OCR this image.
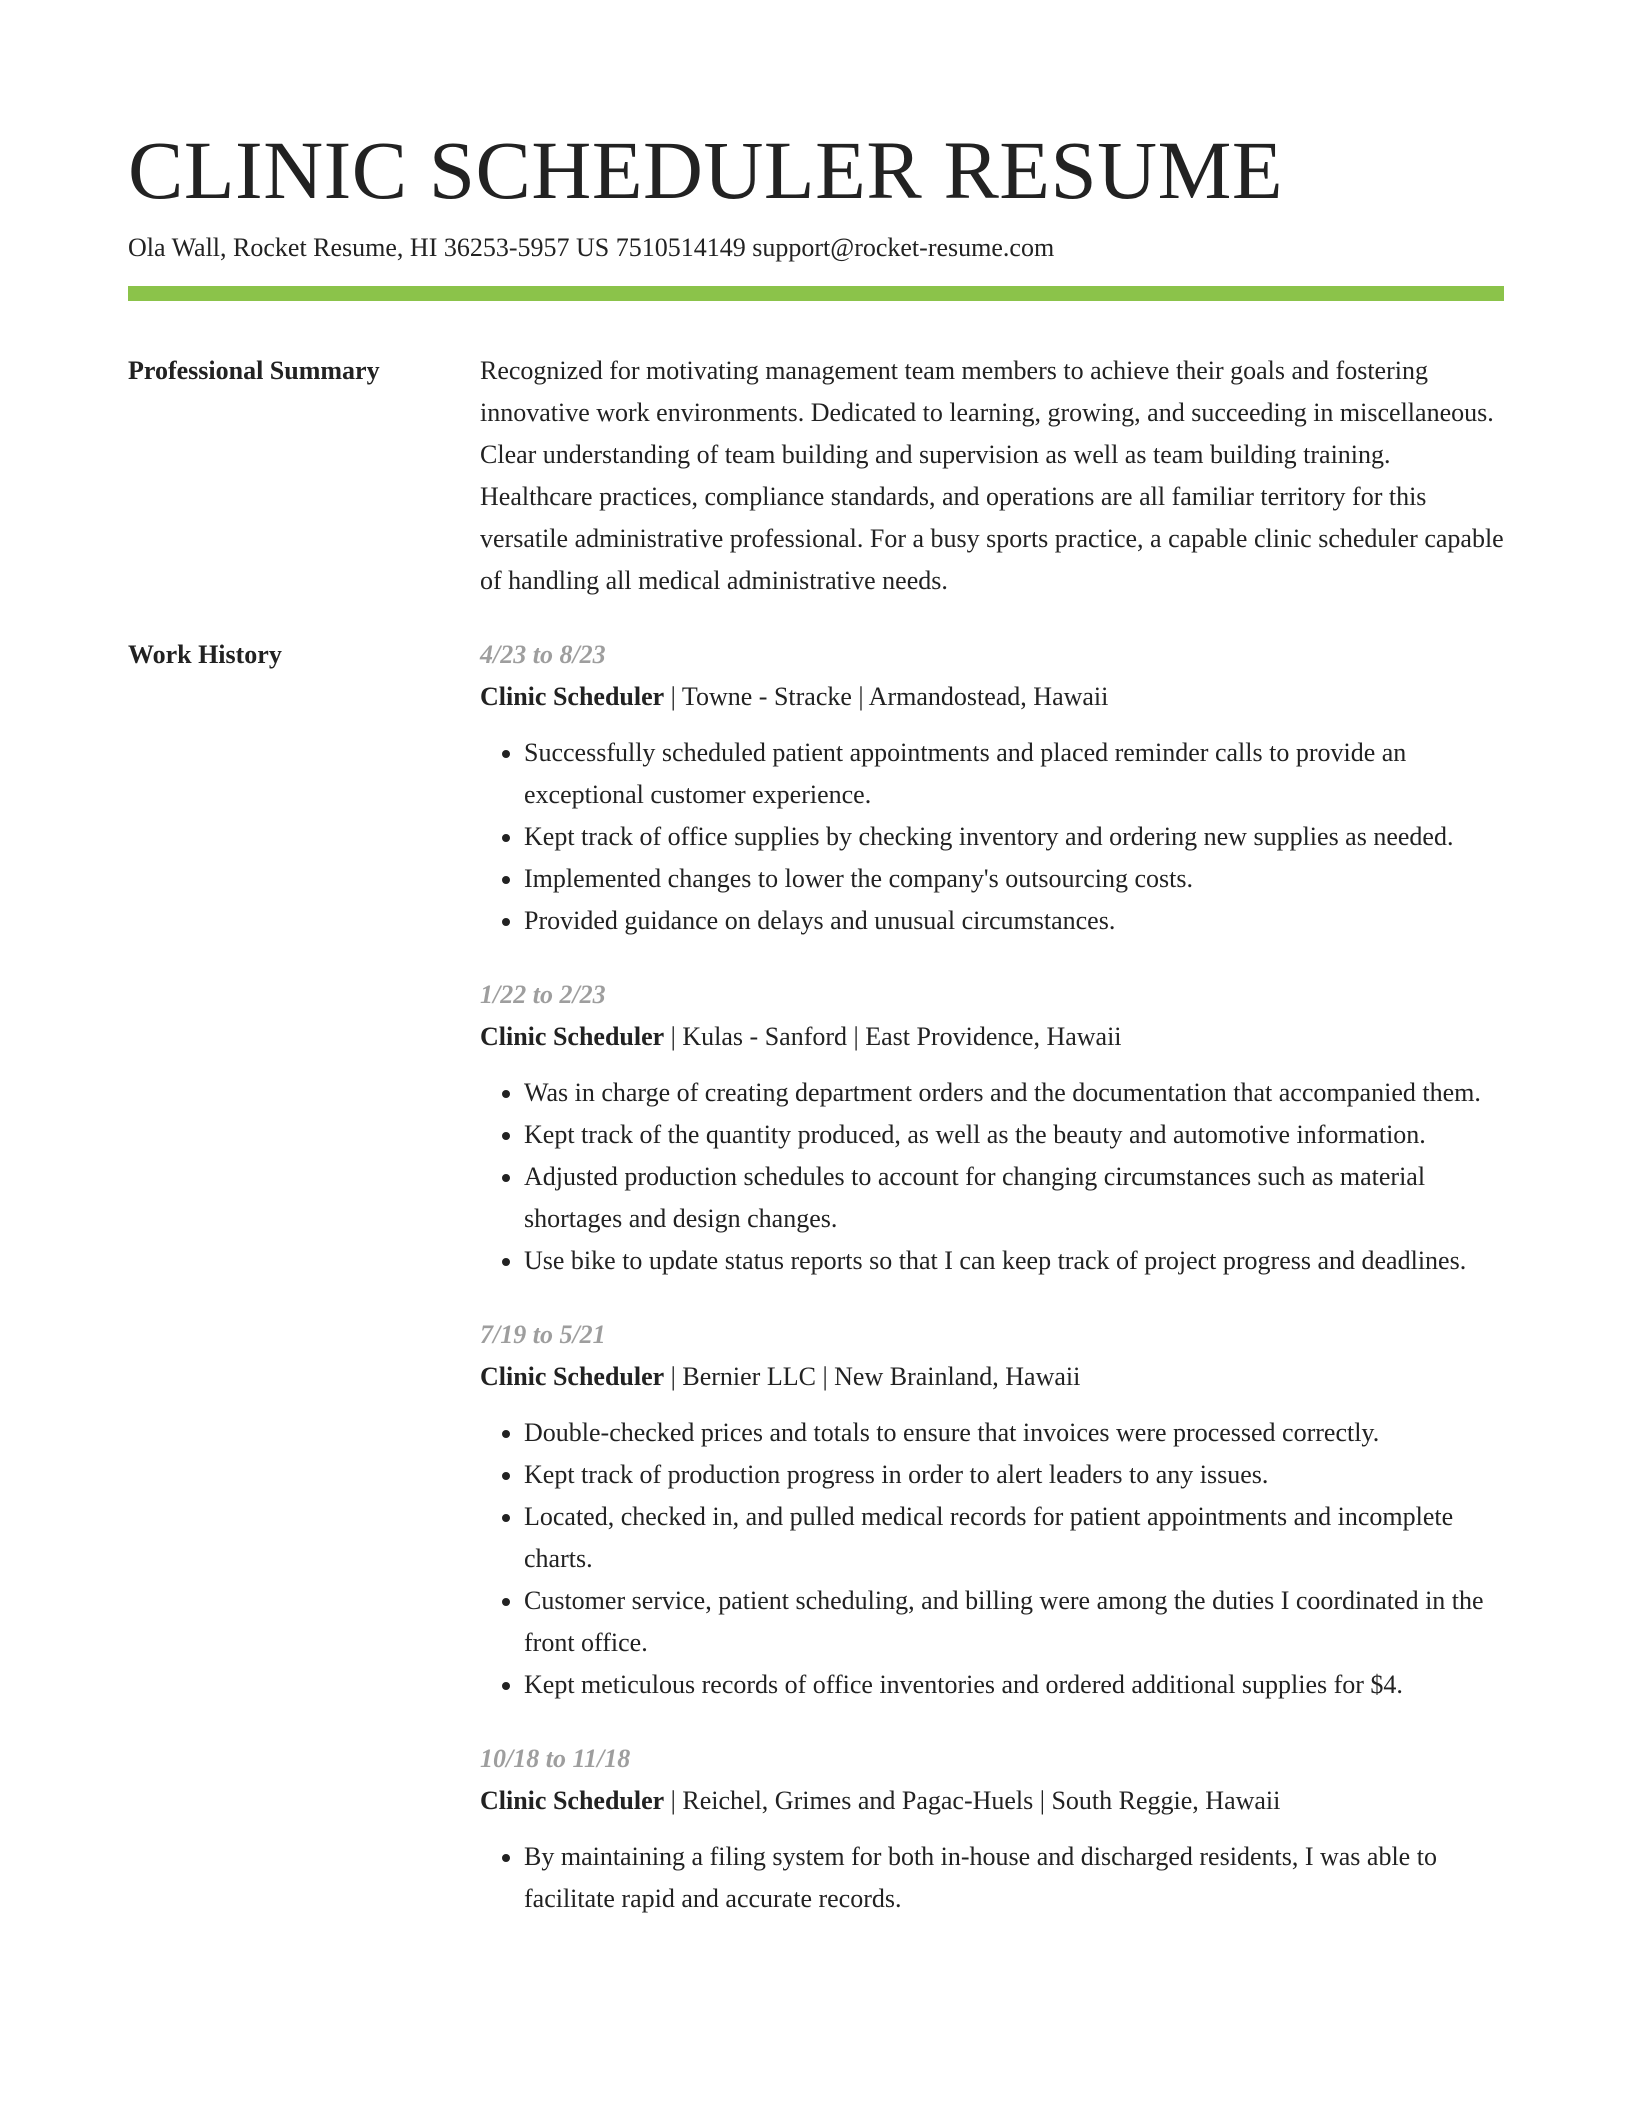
CLINIC SCHEDULER RESUME
Ola Wall, Rocket Resume, HI 36253-5957 US 7510514149 support@rocket-resume.com
Professional Summary	Recognized for motivating management team members to achieve their goals and fostering innovative work environments. Dedicated to learning, growing, and succeeding in miscellaneous. Clear understanding of team building and supervision as well as team building training. Healthcare practices, compliance standards, and operations are all familiar territory for this versatile administrative professional. For a busy sports practice, a capable clinic scheduler capable of handling all medical administrative needs.
Work History	4/23 to 8/23
Clinic Scheduler | Towne - Stracke | Armandostead, Hawaii
• Successfully scheduled patient appointments and placed reminder calls to provide an exceptional customer experience.
• Kept track of office supplies by checking inventory and ordering new supplies as needed.
• Implemented changes to lower the company's outsourcing costs.
• Provided guidance on delays and unusual circumstances.
1/22 to 2/23
Clinic Scheduler | Kulas - Sanford | East Providence, Hawaii
• Was in charge of creating department orders and the documentation that accompanied them.
• Kept track of the quantity produced, as well as the beauty and automotive information.
• Adjusted production schedules to account for changing circumstances such as material shortages and design changes.
• Use bike to update status reports so that I can keep track of project progress and deadlines.
7/19 to 5/21
Clinic Scheduler | Bernier LLC | New Brainland, Hawaii
• Double-checked prices and totals to ensure that invoices were processed correctly.
• Kept track of production progress in order to alert leaders to any issues.
• Located, checked in, and pulled medical records for patient appointments and incomplete charts.
• Customer service, patient scheduling, and billing were among the duties I coordinated in the front office.
• Kept meticulous records of office inventories and ordered additional supplies for $4.
10/18 to 11/18
Clinic Scheduler | Reichel, Grimes and Pagac-Huels | South Reggie, Hawaii
• By maintaining a filing system for both in-house and discharged residents, I was able to facilitate rapid and accurate records.
